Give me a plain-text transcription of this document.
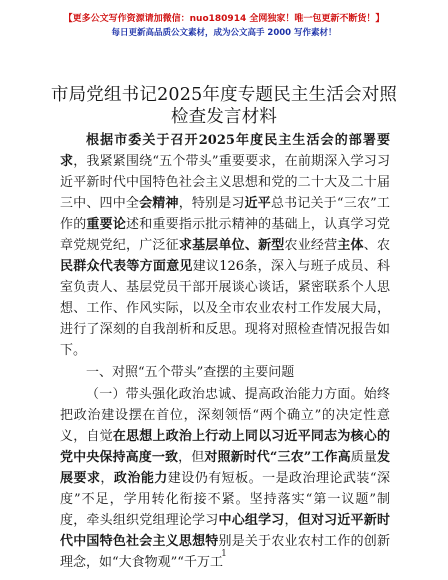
【更多公文写作资源请加微信：nuo180914 全网独家！唯一包更新不断货！】
每日更新高品质公文素材，成为公文高手 2000 写作素材！
市局党组书记2025年度专题民主生活会对照检查发言材料

根据市委关于召开2025年度民主生活会的部署要求，我紧紧围绕“五个带头”重要要求，在前期深入学习习近平新时代中国特色社会主义思想和党的二十大及二十届三中、四中全会精神，特别是习近平总书记关于“三农”工作的重要论述和重要指示批示精神的基础上，认真学习党章党规党纪，广泛征求基层单位、新型农业经营主体、农民群众代表等方面意见建议126条，深入与班子成员、科室负责人、基层党员干部开展谈心谈话，紧密联系个人思想、工作、作风实际，以及全市农业农村工作发展大局，进行了深刻的自我剖析和反思。现将对照检查情况报告如下。

一、对照“五个带头”查摆的主要问题

（一）带头强化政治忠诚、提高政治能力方面。始终把政治建设摆在首位，深刻领悟“两个确立”的决定性意义，自觉在思想上政治上行动上同以习近平同志为核心的党中央保持高度一致，但对照新时代“三农”工作高质量发展要求，政治能力建设仍有短板。一是政治理论武装“深度”不足，学用转化衔接不紧。坚持落实“第一议题”制度，牵头组织党组理论学习中心组学习，但对习近平新时代中国特色社会主义思想特别是关于农业农村工作的创新理念，如“大食物观”“千万工

1
